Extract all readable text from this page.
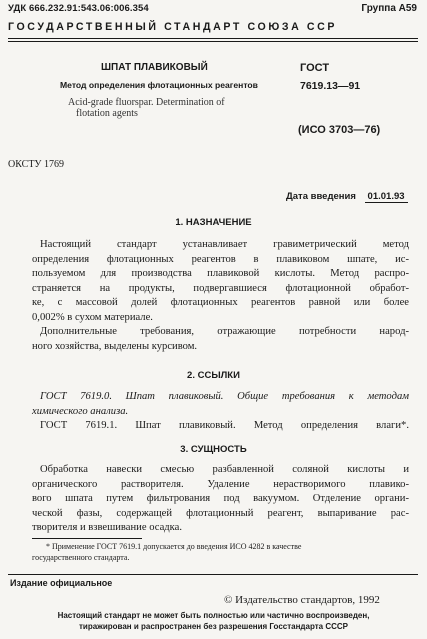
УДК 666.232.91:543.06:006.354	Группа А59
ГОСУДАРСТВЕННЫЙ СТАНДАРТ СОЮЗА ССР
ШПАТ ПЛАВИКОВЫЙ
Метод определения флотационных реагентов
Acid-grade fluorspar. Determination of
flotation agents
ГОСТ
7619.13—91
(ИСО 3703—76)
ОКСТУ 1769
Дата введения 01.01.93
1. НАЗНАЧЕНИЕ
Настоящий стандарт устанавливает гравиметрический метод
определения флотационных реагентов в плавиковом шпате, ис-
пользуемом для производства плавиковой кислоты. Метод распро-
страняется на продукты, подвергавшиеся флотационной обработ-
ке, с массовой долей флотационных реагентов равной или более
0,002% в сухом материале.
Дополнительные требования, отражающие потребности народ-
ного хозяйства, выделены курсивом.
2. ССЫЛКИ
ГОСТ 7619.0. Шпат плавиковый. Общие требования к методам
химического анализа.
ГОСТ 7619.1. Шпат плавиковый. Метод определения влаги*.
3. СУЩНОСТЬ
Обработка навески смесью разбавленной соляной кислоты и
органического растворителя. Удаление нерастворимого плавико-
вого шпата путем фильтрования под вакуумом. Отделение органи-
ческой фазы, содержащей флотационный реагент, выпаривание рас-
творителя и взвешивание осадка.
* Применение ГОСТ 7619.1 допускается до введения ИСО 4282 в качестве
государственного стандарта.
Издание официальное
© Издательство стандартов, 1992
Настоящий стандарт не может быть полностью или частично воспроизведен,
тиражирован и распространен без разрешения Госстандарта СССР
